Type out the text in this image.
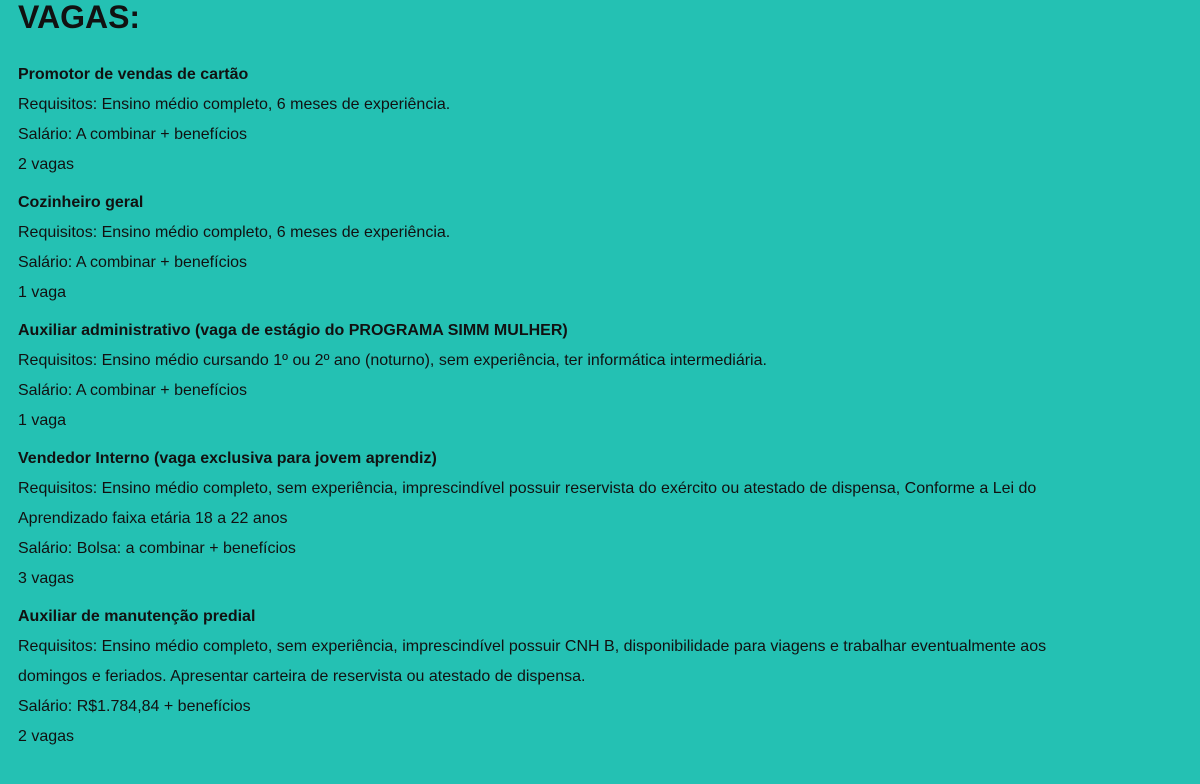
VAGAS:
Promotor de vendas de cartão
Requisitos: Ensino médio completo, 6 meses de experiência.
Salário: A combinar + benefícios
2 vagas
Cozinheiro geral
Requisitos: Ensino médio completo, 6 meses de experiência.
Salário: A combinar + benefícios
1 vaga
Auxiliar administrativo (vaga de estágio do PROGRAMA SIMM MULHER)
Requisitos: Ensino médio cursando 1º ou 2º ano (noturno), sem experiência, ter informática intermediária.
Salário: A combinar + benefícios
1 vaga
Vendedor Interno (vaga exclusiva para jovem aprendiz)
Requisitos: Ensino médio completo, sem experiência, imprescindível possuir reservista do exército ou atestado de dispensa, Conforme a Lei do Aprendizado faixa etária 18 a 22 anos
Salário: Bolsa: a combinar + benefícios
3 vagas
Auxiliar de manutenção predial
Requisitos: Ensino médio completo, sem experiência, imprescindível possuir CNH B, disponibilidade para viagens e trabalhar eventualmente aos domingos e feriados. Apresentar carteira de reservista ou atestado de dispensa.
Salário: R$1.784,84 + benefícios
2 vagas
